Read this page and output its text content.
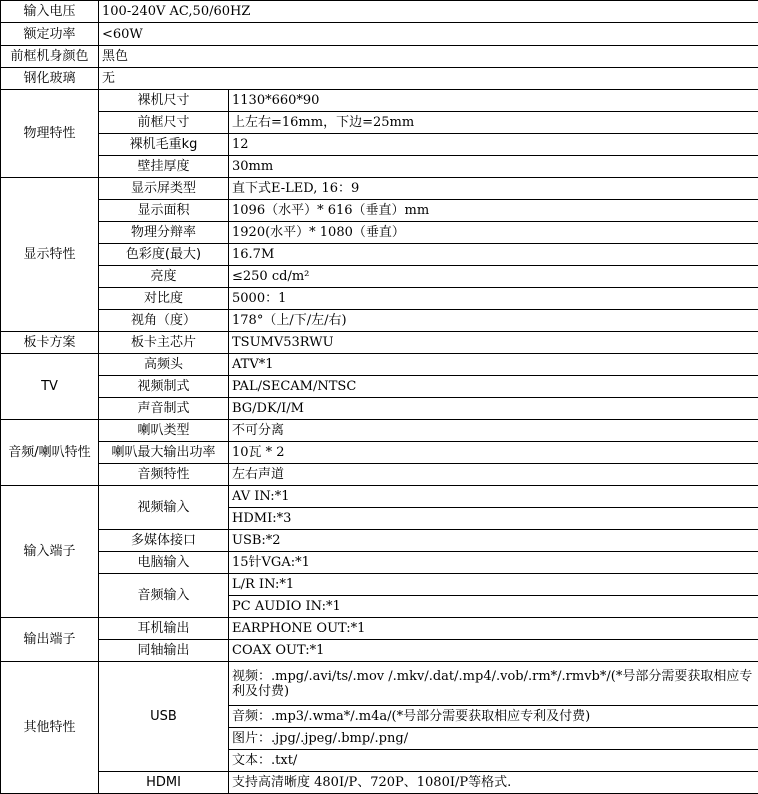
输入电压	100-240V AC,50/60HZ	
额定功率	<60W	
前框机身颜色	黑色	
钢化玻璃	无	
物理特性	裸机尺寸	1130*660*90
	前框尺寸	上左右=16mm，下边=25mm
	裸机毛重kg	12
	壁挂厚度	30mm
显示特性	显示屏类型	直下式E-LED, 16：9
	显示面积	1096（水平）* 616（垂直）mm
	物理分辩率	1920(水平）* 1080（垂直）
	色彩度(最大)	16.7M
	亮度	≤250 cd/m²
	对比度	5000：1
	视角（度）	178°（上/下/左/右)
板卡方案	板卡主芯片	TSUMV53RWU
TV	高频头	ATV*1
	视频制式	PAL/SECAM/NTSC
	声音制式	BG/DK/I/M
音频/喇叭特性	喇叭类型	不可分离
	喇叭最大输出功率	10瓦 * 2
	音频特性	左右声道
输入端子	视频输入	AV IN:*1
		HDMI:*3
	多媒体接口	USB:*2
	电脑输入	15针VGA:*1
	音频输入	L/R IN:*1
		PC AUDIO IN:*1
输出端子	耳机输出	EARPHONE OUT:*1
	同轴输出	COAX OUT:*1
其他特性	USB	视频：.mpg/.avi/ts/.mov /.mkv/.dat/.mp4/.vob/.rm*/.rmvb*/(*号部分需要获取相应专利及付费)
		音频：.mp3/.wma*/.m4a/(*号部分需要获取相应专利及付费)
		图片：.jpg/.jpeg/.bmp/.png/
		文本：.txt/
	HDMI	支持高清晰度 480I/P、720P、1080I/P等格式.
